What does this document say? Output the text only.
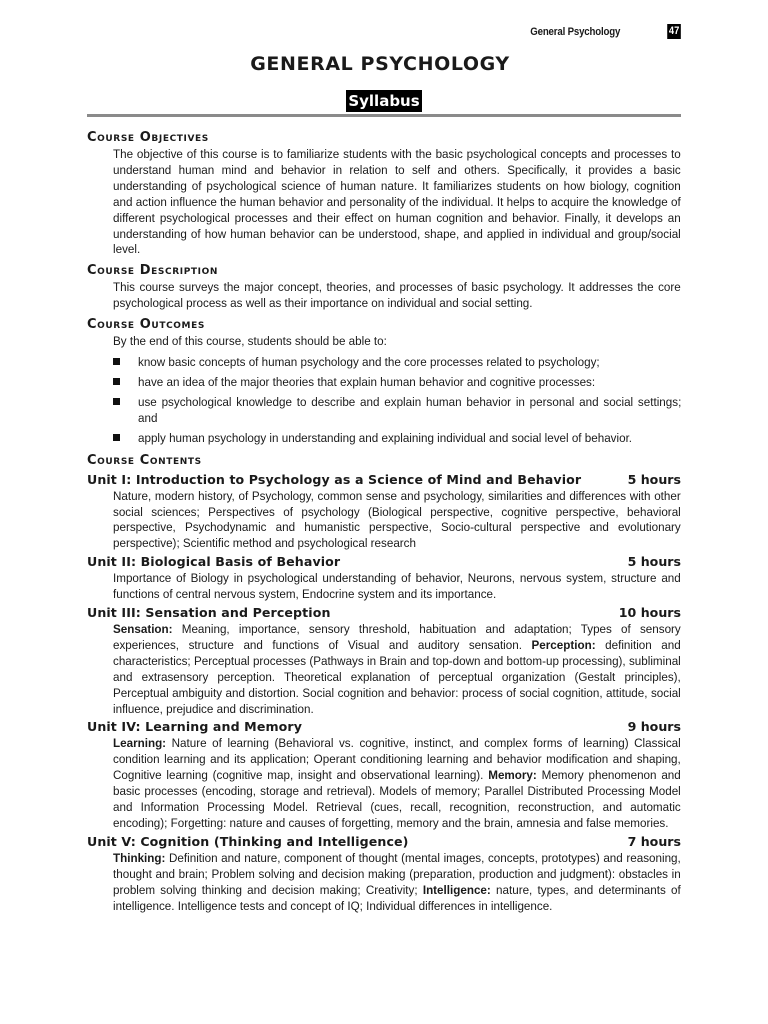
General Psychology	47
GENERAL PSYCHOLOGY
Syllabus
Course Objectives

The objective of this course is to familiarize students with the basic psychological concepts and processes to understand human mind and behavior in relation to self and others. Specifically, it provides a basic understanding of psychological science of human nature. It familiarizes students on how biology, cognition and action influence the human behavior and personality of the individual. It helps to acquire the knowledge of different psychological processes and their effect on human cognition and behavior. Finally, it develops an understanding of how human behavior can be understood, shape, and applied in individual and group/social level.

Course Description

This course surveys the major concept, theories, and processes of basic psychology. It addresses the core psychological process as well as their importance on individual and social setting.

Course Outcomes

By the end of this course, students should be able to:

know basic concepts of human psychology and the core processes related to psychology;
have an idea of the major theories that explain human behavior and cognitive processes:
use psychological knowledge to describe and explain human behavior in personal and social settings; and
apply human psychology in understanding and explaining individual and social level of behavior.
Course Contents
Unit I: Introduction to Psychology as a Science of Mind and Behavior	5 hours

Nature, modern history, of Psychology, common sense and psychology, similarities and differences with other social sciences; Perspectives of psychology (Biological perspective, cognitive perspective, behavioral perspective, Psychodynamic and humanistic perspective, Socio-cultural perspective and evolutionary perspective); Scientific method and psychological research

Unit II: Biological Basis of Behavior	5 hours

Importance of Biology in psychological understanding of behavior, Neurons, nervous system, structure and functions of central nervous system, Endocrine system and its importance.

Unit III: Sensation and Perception	10 hours

Sensation: Meaning, importance, sensory threshold, habituation and adaptation; Types of sensory experiences, structure and functions of Visual and auditory sensation. Perception: definition and characteristics; Perceptual processes (Pathways in Brain and top-down and bottom-up processing), subliminal and extrasensory perception. Theoretical explanation of perceptual organization (Gestalt principles), Perceptual ambiguity and distortion. Social cognition and behavior: process of social cognition, attitude, social influence, prejudice and discrimination.

Unit IV: Learning and Memory	9 hours

Learning: Nature of learning (Behavioral vs. cognitive, instinct, and complex forms of learning) Classical condition learning and its application; Operant conditioning learning and behavior modification and shaping, Cognitive learning (cognitive map, insight and observational learning). Memory: Memory phenomenon and basic processes (encoding, storage and retrieval). Models of memory; Parallel Distributed Processing Model and Information Processing Model. Retrieval (cues, recall, recognition, reconstruction, and automatic encoding); Forgetting: nature and causes of forgetting, memory and the brain, amnesia and false memories.

Unit V: Cognition (Thinking and Intelligence)	7 hours

Thinking: Definition and nature, component of thought (mental images, concepts, prototypes) and reasoning, thought and brain; Problem solving and decision making (preparation, production and judgment): obstacles in problem solving thinking and decision making; Creativity; Intelligence: nature, types, and determinants of intelligence. Intelligence tests and concept of IQ; Individual differences in intelligence.
